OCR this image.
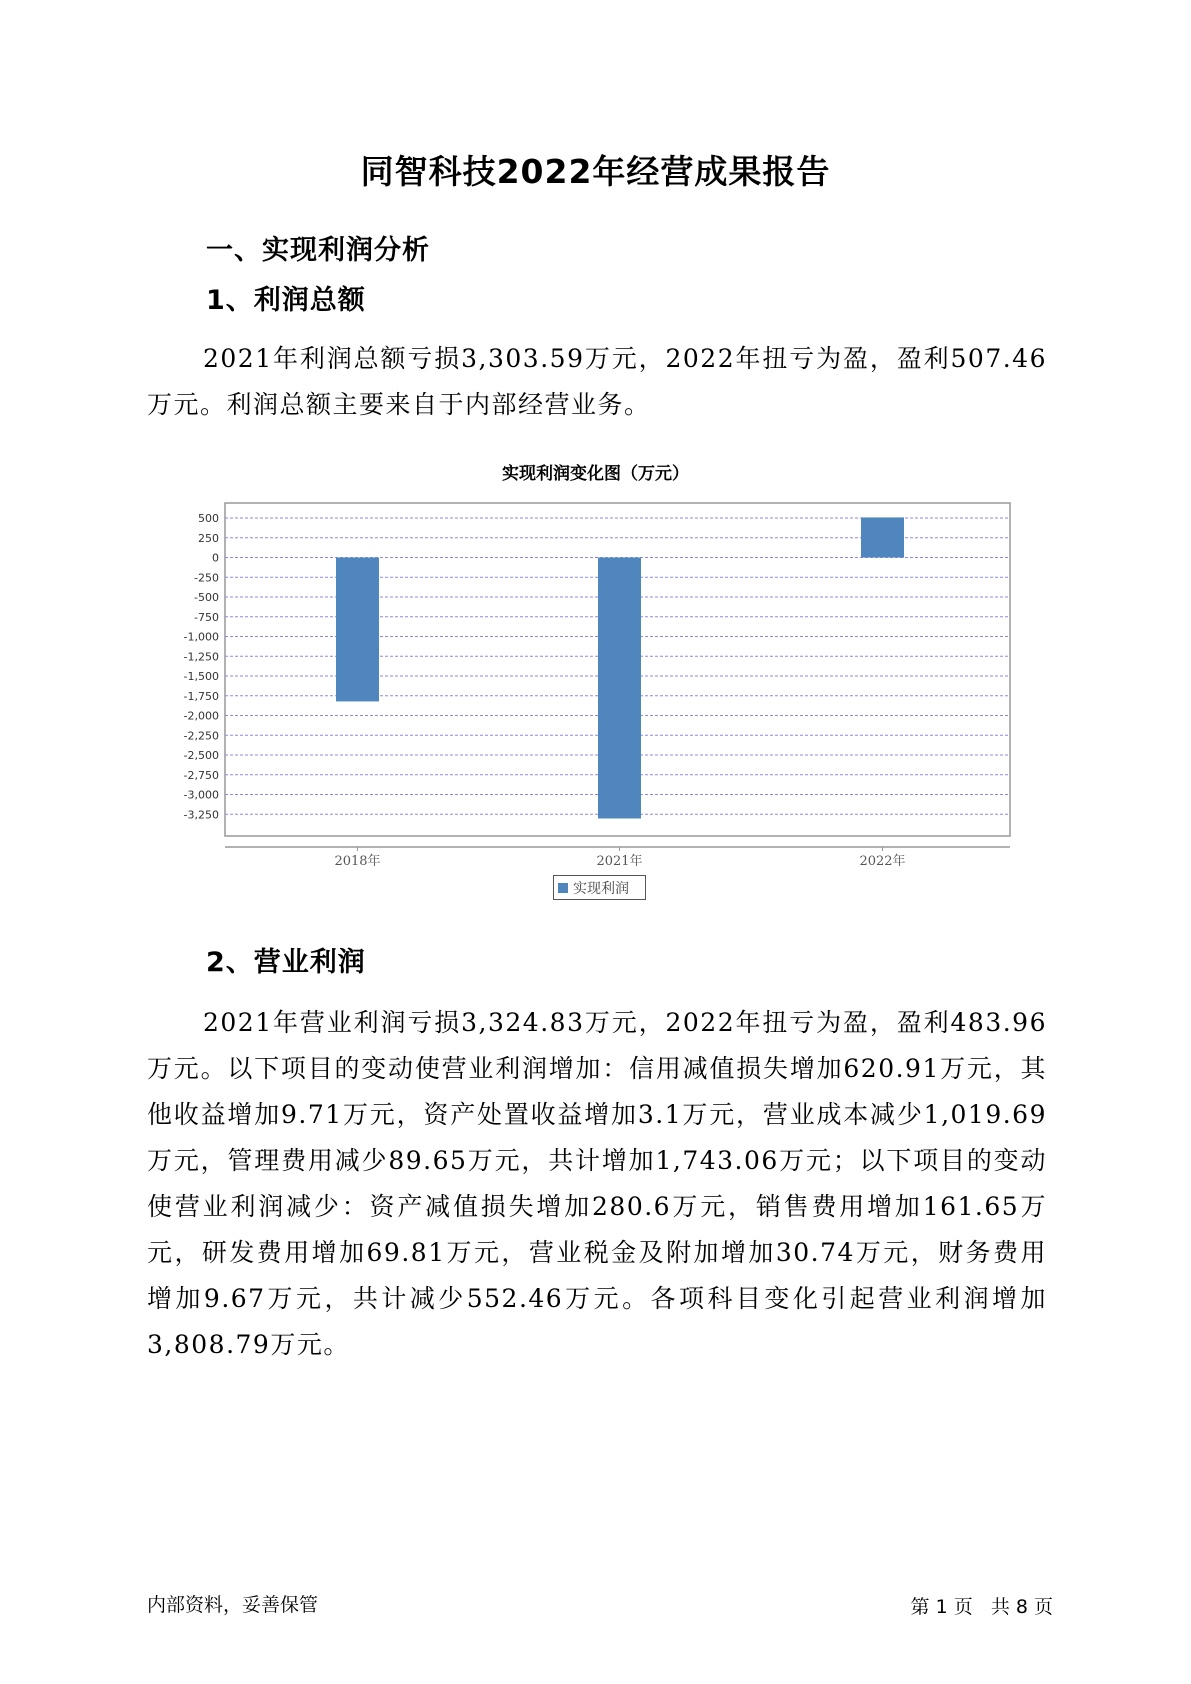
同智科技2022年经营成果报告
一、实现利润分析
1、利润总额
2021年利润总额亏损3,303.59万元，2022年扭亏为盈，盈利507.46万元。利润总额主要来自于内部经营业务。
实现利润变化图（万元）
500
250
0
-250
-500
-750
-1,000
-1,250
-1,500
-1,750
-2,000
-2,250
-2,500
-2,750
-3,000
-3,250
2018年	2021年	2022年
实现利润
2、营业利润
2021年营业利润亏损3,324.83万元，2022年扭亏为盈，盈利483.96万元。以下项目的变动使营业利润增加：信用减值损失增加620.91万元，其他收益增加9.71万元，资产处置收益增加3.1万元，营业成本减少1,019.69万元，管理费用减少89.65万元，共计增加1,743.06万元；以下项目的变动使营业利润减少：资产减值损失增加280.6万元，销售费用增加161.65万元，研发费用增加69.81万元，营业税金及附加增加30.74万元，财务费用增加9.67万元，共计减少552.46万元。各项科目变化引起营业利润增加3,808.79万元。
内部资料，妥善保管	第 1 页   共 8 页
